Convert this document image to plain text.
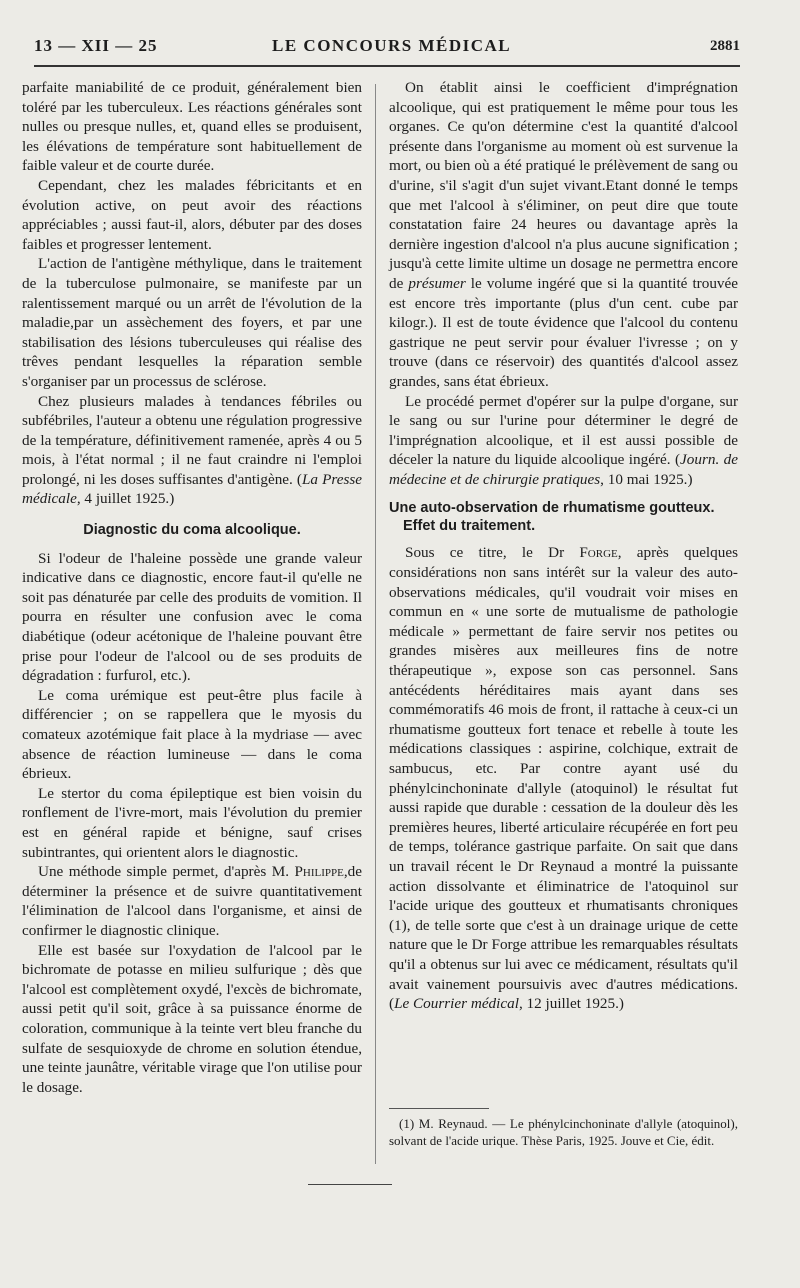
13 — XII — 25	LE CONCOURS MÉDICAL	2881

parfaite maniabilité de ce produit, généralement bien toléré par les tuberculeux. Les réactions générales sont nulles ou presque nulles, et, quand elles se produisent, les élévations de température sont habituellement de faible valeur et de courte durée.

Cependant, chez les malades fébricitants et en évolution active, on peut avoir des réactions appréciables ; aussi faut-il, alors, débuter par des doses faibles et progresser lentement.

L'action de l'antigène méthylique, dans le traitement de la tuberculose pulmonaire, se manifeste par un ralentissement marqué ou un arrêt de l'évolution de la maladie,par un assèchement des foyers, et par une stabilisation des lésions tuberculeuses qui réalise des trêves pendant lesquelles la réparation semble s'organiser par un processus de sclérose.

Chez plusieurs malades à tendances fébriles ou subfébriles, l'auteur a obtenu une régulation progressive de la température, définitivement ramenée, après 4 ou 5 mois, à l'état normal ; il ne faut craindre ni l'emploi prolongé, ni les doses suffisantes d'antigène. (La Presse médicale, 4 juillet 1925.)

Diagnostic du coma alcoolique.

Si l'odeur de l'haleine possède une grande valeur indicative dans ce diagnostic, encore faut-il qu'elle ne soit pas dénaturée par celle des produits de vomition. Il pourra en résulter une confusion avec le coma diabétique (odeur acétonique de l'haleine pouvant être prise pour l'odeur de l'alcool ou de ses produits de dégradation : furfurol, etc.).

Le coma urémique est peut-être plus facile à différencier ; on se rappellera que le myosis du comateux azotémique fait place à la mydriase — avec absence de réaction lumineuse — dans le coma ébrieux.

Le stertor du coma épileptique est bien voisin du ronflement de l'ivre-mort, mais l'évolution du premier est en général rapide et bénigne, sauf crises subintrantes, qui orientent alors le diagnostic.

Une méthode simple permet, d'après M. Philippe,de déterminer la présence et de suivre quantitativement l'élimination de l'alcool dans l'organisme, et ainsi de confirmer le diagnostic clinique.

Elle est basée sur l'oxydation de l'alcool par le bichromate de potasse en milieu sulfurique ; dès que l'alcool est complètement oxydé, l'excès de bichromate, aussi petit qu'il soit, grâce à sa puissance énorme de coloration, communique à la teinte vert bleu franche du sulfate de sesquioxyde de chrome en solution étendue, une teinte jaunâtre, véritable virage que l'on utilise pour le dosage.

On établit ainsi le coefficient d'imprégnation alcoolique, qui est pratiquement le même pour tous les organes. Ce qu'on détermine c'est la quantité d'alcool présente dans l'organisme au moment où est survenue la mort, ou bien où a été pratiqué le prélèvement de sang ou d'urine, s'il s'agit d'un sujet vivant.Etant donné le temps que met l'alcool à s'éliminer, on peut dire que toute constatation faire 24 heures ou davantage après la dernière ingestion d'alcool n'a plus aucune signification ; jusqu'à cette limite ultime un dosage ne permettra encore de présumer le volume ingéré que si la quantité trouvée est encore très importante (plus d'un cent. cube par kilogr.). Il est de toute évidence que l'alcool du contenu gastrique ne peut servir pour évaluer l'ivresse ; on y trouve (dans ce réservoir) des quantités d'alcool assez grandes, sans état ébrieux.

Le procédé permet d'opérer sur la pulpe d'organe, sur le sang ou sur l'urine pour déterminer le degré de l'imprégnation alcoolique, et il est aussi possible de déceler la nature du liquide alcoolique ingéré. (Journ. de médecine et de chirurgie pratiques, 10 mai 1925.)

Une auto-observation de rhumatisme goutteux.
Effet du traitement.

Sous ce titre, le Dr Forge, après quelques considérations non sans intérêt sur la valeur des auto-observations médicales, qu'il voudrait voir mises en commun en « une sorte de mutualisme de pathologie médicale » permettant de faire servir nos petites ou grandes misères aux meilleures fins de notre thérapeutique », expose son cas personnel. Sans antécédents héréditaires mais ayant dans ses commémoratifs 46 mois de front, il rattache à ceux-ci un rhumatisme goutteux fort tenace et rebelle à toute les médications classiques : aspirine, colchique, extrait de sambucus, etc. Par contre ayant usé du phénylcinchoninate d'allyle (atoquinol) le résultat fut aussi rapide que durable : cessation de la douleur dès les premières heures, liberté articulaire récupérée en fort peu de temps, tolérance gastrique parfaite. On sait que dans un travail récent le Dr Reynaud a montré la puissante action dissolvante et éliminatrice de l'atoquinol sur l'acide urique des goutteux et rhumatisants chroniques (1), de telle sorte que c'est à un drainage urique de cette nature que le Dr Forge attribue les remarquables résultats qu'il a obtenus sur lui avec ce médicament, résultats qu'il avait vainement poursuivis avec d'autres médications. (Le Courrier médical, 12 juillet 1925.)

(1) M. Reynaud. — Le phénylcinchoninate d'allyle (atoquinol), solvant de l'acide urique. Thèse Paris, 1925. Jouve et Cie, édit.
